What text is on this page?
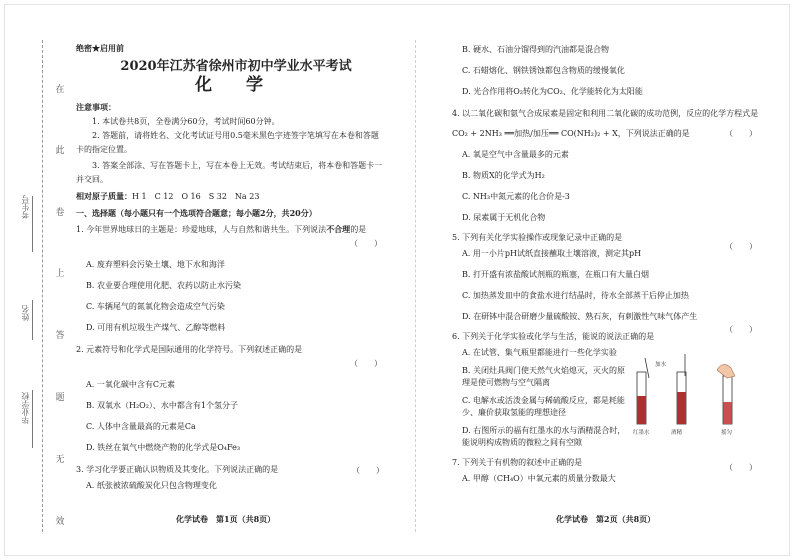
考生号
姓名
毕业学校
在
此
卷
上
答
题
无
效
绝密★启用前
2020年江苏省徐州市初中学业水平考试
化 学
注意事项：
1. 本试卷共8页，全卷满分60分，考试时间60分钟。
2. 答题前，请将姓名、文化考试证号用0.5毫米黑色字迹签字笔填写在本卷和答题
卡的指定位置。
3. 答案全部涂、写在答题卡上，写在本卷上无效。考试结束后，将本卷和答题卡一
并交回。
相对原子质量：H 1　C 12　O 16　S 32　Na 23
一、选择题（每小题只有一个选项符合题意；每小题2分，共20分）
1. 今年世界地球日的主题是：珍爱地球，人与自然和谐共生。下列说法不合理的是
（　　）
A. 废弃塑料会污染土壤、地下水和海洋
B. 农业要合理使用化肥、农药以防止水污染
C. 车辆尾气的氮氧化物会造成空气污染
D. 可用有机垃圾生产煤气、乙醇等燃料
2. 元素符号和化学式是国际通用的化学符号。下列叙述正确的是
（　　）
A. 一氧化碳中含有C元素
B. 双氧水（H₂O₂）、水中都含有1个氢分子
C. 人体中含量最高的元素是Ca
D. 铁丝在氧气中燃烧产物的化学式是O₄Fe₃
3. 学习化学要正确认识物质及其变化。下列说法正确的是
A. 纸张被浓硫酸炭化只包含物理变化
B. 硬水、石油分馏得到的汽油都是混合物
C. 石蜡熔化、钢铁锈蚀都包含物质的缓慢氧化
D. 光合作用将O₂转化为CO₂、化学能转化为太阳能
4. 以二氧化碳和氨气合成尿素是固定和利用二氧化碳的成功范例，反应的化学方程式是
CO₂ + 2NH₃ ══加热/加压══ CO(NH₂)₂ + X，下列说法正确的是
A. 氧是空气中含量最多的元素
B. 物质X的化学式为H₂
C. NH₃中氮元素的化合价是-3
D. 尿素属于无机化合物
5. 下列有关化学实验操作或现象记录中正确的是
A. 用一小片pH试纸直接蘸取土壤溶液，测定其pH
B. 打开盛有浓盐酸试剂瓶的瓶塞，在瓶口有大量白烟
C. 加热蒸发皿中的食盐水进行结晶时，待水全部蒸干后停止加热
D. 在研钵中混合研磨少量硫酸铵、熟石灰，有刺激性气味气体产生
6. 下列关于化学实验或化学与生活，能说的说法正确的是
A. 在试管、集气瓶里都能进行一些化学实验
B. 关闭灶具阀门使天然气火焰熄灭，灭火的原理是使可燃物与空气隔离
C. 电解水或活泼金属与稀硫酸反应，都是耗能少、廉价获取氢能的理想途径
D. 右图所示的福有红墨水的水与酒精混合时，能说明构成物质的微粒之间有空隙
7. 下列关于有机物的叙述中正确的是
A. 甲醇（CH₄O）中氧元素的质量分数最大
（　　）
（　　）
（　　）
（　　）
（　　）
红墨水	酒精
加水
摇匀
化学试卷　第1页（共8页）	化学试卷　第2页（共8页）
